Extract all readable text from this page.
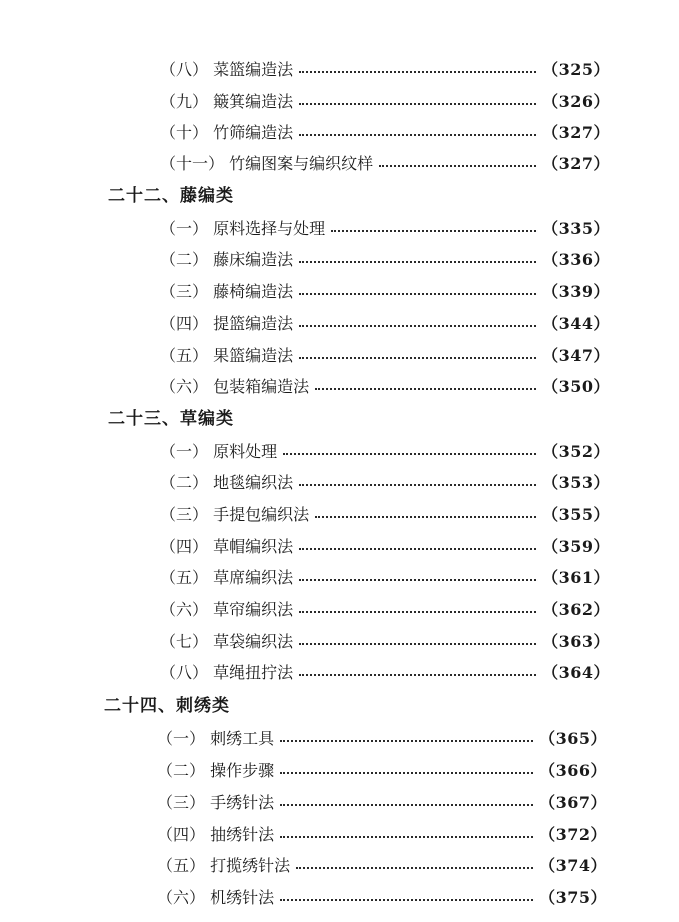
（八） 菜篮编造法	（325）
（九） 簸箕编造法	（326）
（十） 竹筛编造法	（327）
（十一） 竹编图案与编织纹样	（327）
二十二、藤编类
（一） 原料选择与处理	（335）
（二） 藤床编造法	（336）
（三） 藤椅编造法	（339）
（四） 提篮编造法	（344）
（五） 果篮编造法	（347）
（六） 包装箱编造法	（350）
二十三、草编类
（一） 原料处理	（352）
（二） 地毯编织法	（353）
（三） 手提包编织法	（355）
（四） 草帽编织法	（359）
（五） 草席编织法	（361）
（六） 草帘编织法	（362）
（七） 草袋编织法	（363）
（八） 草绳扭拧法	（364）
二十四、刺绣类
（一） 刺绣工具	（365）
（二） 操作步骤	（366）
（三） 手绣针法	（367）
（四） 抽绣针法	（372）
（五） 打揽绣针法	（374）
（六） 机绣针法	（375）
